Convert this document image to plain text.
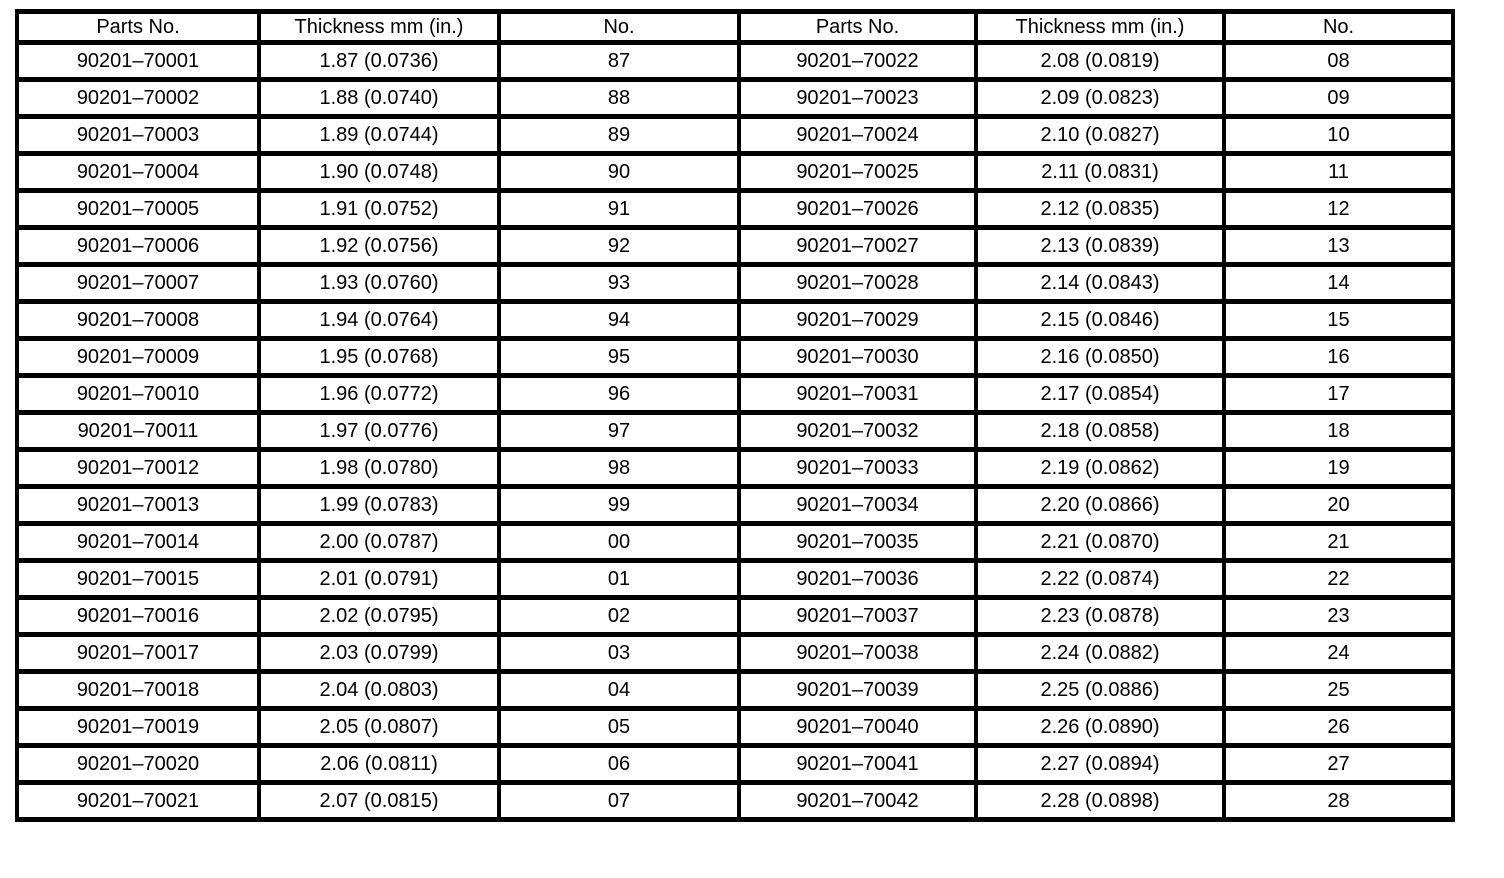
Parts No.	Thickness mm (in.)	No.	Parts No.	Thickness mm (in.)	No.
90201–70001	1.87 (0.0736)	87	90201–70022	2.08 (0.0819)	08
90201–70002	1.88 (0.0740)	88	90201–70023	2.09 (0.0823)	09
90201–70003	1.89 (0.0744)	89	90201–70024	2.10 (0.0827)	10
90201–70004	1.90 (0.0748)	90	90201–70025	2.11 (0.0831)	11
90201–70005	1.91 (0.0752)	91	90201–70026	2.12 (0.0835)	12
90201–70006	1.92 (0.0756)	92	90201–70027	2.13 (0.0839)	13
90201–70007	1.93 (0.0760)	93	90201–70028	2.14 (0.0843)	14
90201–70008	1.94 (0.0764)	94	90201–70029	2.15 (0.0846)	15
90201–70009	1.95 (0.0768)	95	90201–70030	2.16 (0.0850)	16
90201–70010	1.96 (0.0772)	96	90201–70031	2.17 (0.0854)	17
90201–70011	1.97 (0.0776)	97	90201–70032	2.18 (0.0858)	18
90201–70012	1.98 (0.0780)	98	90201–70033	2.19 (0.0862)	19
90201–70013	1.99 (0.0783)	99	90201–70034	2.20 (0.0866)	20
90201–70014	2.00 (0.0787)	00	90201–70035	2.21 (0.0870)	21
90201–70015	2.01 (0.0791)	01	90201–70036	2.22 (0.0874)	22
90201–70016	2.02 (0.0795)	02	90201–70037	2.23 (0.0878)	23
90201–70017	2.03 (0.0799)	03	90201–70038	2.24 (0.0882)	24
90201–70018	2.04 (0.0803)	04	90201–70039	2.25 (0.0886)	25
90201–70019	2.05 (0.0807)	05	90201–70040	2.26 (0.0890)	26
90201–70020	2.06 (0.0811)	06	90201–70041	2.27 (0.0894)	27
90201–70021	2.07 (0.0815)	07	90201–70042	2.28 (0.0898)	28
